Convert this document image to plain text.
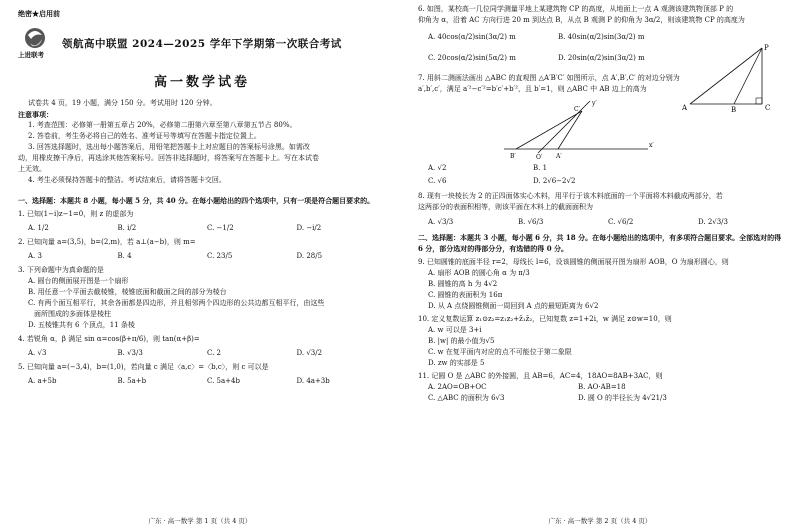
绝密★启用前

上进联考
领航高中联盟 2024—2025 学年下学期第一次联合考试
高一数学试卷

试卷共 4 页，19 小题，满分 150 分。考试用时 120 分钟。

注意事项：

1. 考查范围：必修第一册第五章占 20%，必修第二册第六章至第八章第五节占 80%。

2. 答卷前，考生务必将自己的姓名、准考证号等填写在答题卡指定位置上。

3. 回答选择题时，选出每小题答案后，用铅笔把答题卡上对应题目的答案标号涂黑。如需改

动，用橡皮擦干净后，再选涂其他答案标号。回答非选择题时，将答案写在答题卡上。写在本试卷

上无效。

4. 考生必须保持答题卡的整洁。考试结束后，请将答题卡交回。

一、选择题：本题共 8 小题，每小题 5 分，共 40 分。在每小题给出的四个选项中，只有一项是符合题目要求的。

1. 已知(1−i)z−1=0，则 z 的虚部为

A. 1/2	B. i/2	C. −1/2	D. −i/2

2. 已知向量 a=(3,5)，b=(2,m)，若 a⊥(a−b)，则 m=

A. 3	B. 4	C. 23/5	D. 28/5

3. 下列命题中为真命题的是

A. 圆台的侧面展开图是一个扇形

B. 用任意一个平面去截棱锥，棱锥底面和截面之间的部分为棱台

C. 有两个面互相平行，其余各面都是四边形，并且相邻两个四边形的公共边都互相平行，由这些

面所围成的多面体是棱柱

D. 五棱锥共有 6 个顶点，11 条棱

4. 若锐角 α，β 满足 sin α=cos(β+π/6)，则 tan(α+β)=

A. √3	B. √3/3	C. 2	D. √3/2

5. 已知向量 a=(−3,4)，b=(1,0)，若向量 c 满足〈a,c〉=〈b,c〉，则 c 可以是

A. a+5b	B. 5a+b	C. 5a+4b	D. 4a+3b
广东 · 高一数学 第 1 页（共 4 页）

6. 如图，某校高一几位同学测量平地上某建筑物 CP 的高度，从地面上一点 A 观测该建筑物顶部 P 的

仰角为 α，沿着 AC 方向行进 20 m 到达点 B，从点 B 观测 P 的仰角为 3α/2，则该建筑物 CP 的高度为

A. 40cos(α/2)sin(3α/2) m	B. 40sin(α/2)sin(3α/2) m
C. 20cos(α/2)sin(5α/2) m	D. 20sin(α/2)sin(3α/2) m
A	B	C
P

7. 用斜二测画法画出 △ABC 的直观图 △A′B′C′ 如图所示，点 A′,B′,C′ 的对边分别为

a′,b′,c′，满足 a′²−c′²=b′c′+b′²，且 b′=1，则 △ABC 中 AB 边上的高为

B′	O′ A′
C′
y′
x′
A. √2	B. 1
C. √6	D. 2√6−2√2

8. 现有一块棱长为 2 的正四面体实心木料，用平行于该木料底面的一个平面将木料截成两部分，若

这两部分的表面积相等，则该平面在木料上的截面面积为

A. √3/3	B. √6/3	C. √6/2	D. 2√3/3

二、选择题：本题共 3 小题，每小题 6 分，共 18 分。在每小题给出的选项中，有多项符合题目要求。全部选对的得 6 分，部分选对的得部分分，有选错的得 0 分。

9. 已知圆锥的底面半径 r=2，母线长 l=6，设该圆锥的侧面展开图为扇形 AOB，O 为扇形圆心，则

A. 扇形 AOB 的圆心角 α 为 π/3

B. 圆锥的高 h 为 4√2

C. 圆锥的表面积为 16π

D. 从 A 点绕圆锥侧面一周回到 A 点的最短距离为 6√2

10. 定义复数运算 z₁⊙z₂=z₁z₂+z̄₁z̄₂，已知复数 z=1+2i，w 满足 z⊙w=10，则

A. w 可以是 3+i

B. |w| 的最小值为√5

C. w 在复平面内对应的点不可能位于第二象限

D. zw 的实部是 5

11. 记圆 O 是 △ABC 的外接圆，且 AB=6，AC=4，18AO=8AB+3AC，则

A. 2AO=OB+OC	B. AO·AB=18
C. △ABC 的面积为 6√3	D. 圆 O 的半径长为 4√21/3
广东 · 高一数学 第 2 页（共 4 页）
